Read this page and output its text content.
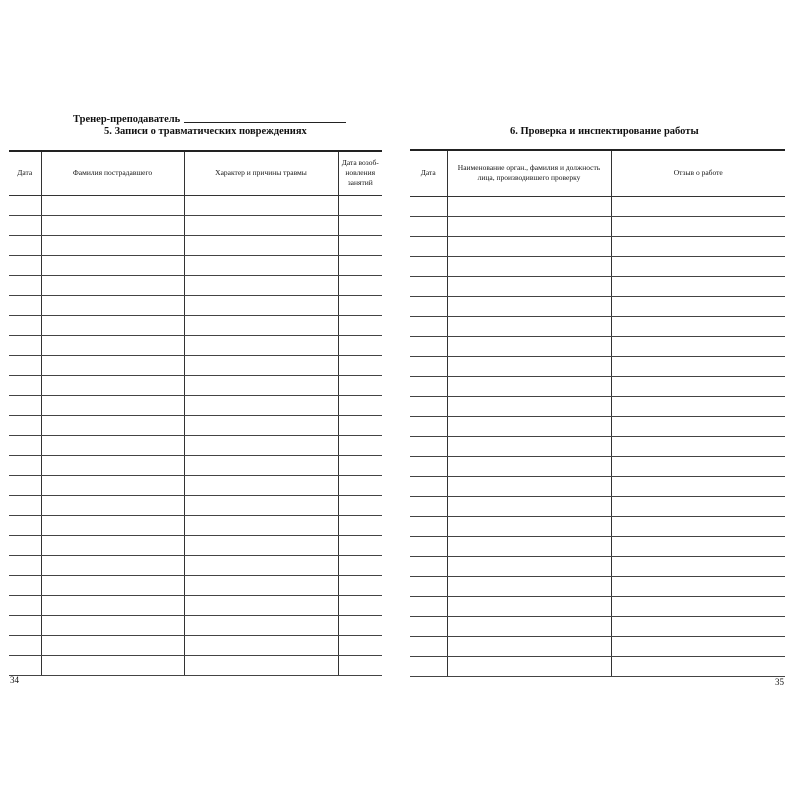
Тренер-преподаватель
5. Записи о травматических повреждениях
Дата	Фамилия пострадавшего	Характер и причины травмы	Дата возоб-новления занятий

34
6. Проверка и инспектирование работы
Дата	Наименование орган., фамилия и должность лица, производившего проверку	Отзыв о работе

35
